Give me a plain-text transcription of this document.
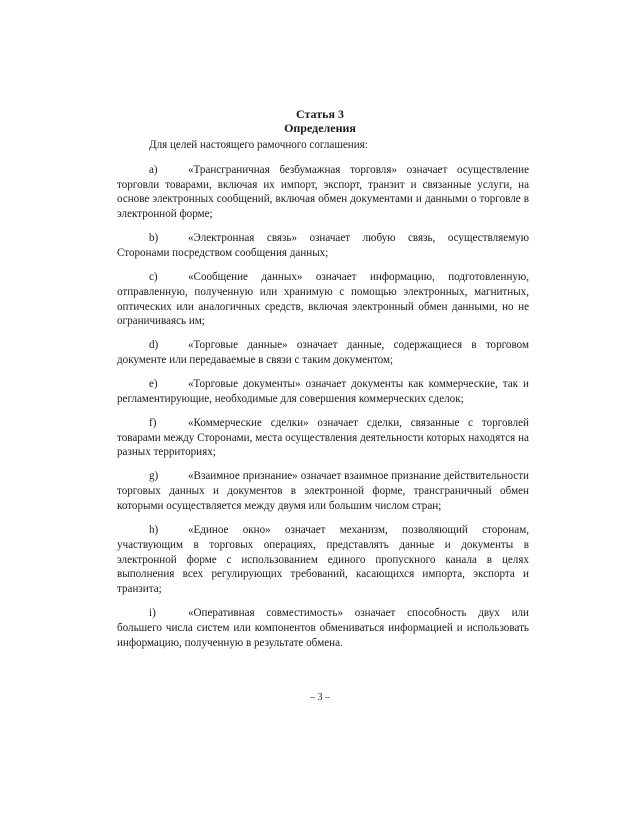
Статья 3
Определения

Для целей настоящего рамочного соглашения:

a)	«Трансграничная безбумажная торговля» означает осуществление торговли товарами, включая их импорт, экспорт, транзит и связанные услуги, на основе электронных сообщений, включая обмен документами и данными о торговле в электронной форме;

b)	«Электронная связь» означает любую связь, осуществляемую Сторонами посредством сообщения данных;

c)	«Сообщение данных» означает информацию, подготовленную, отправленную, полученную или хранимую с помощью электронных, магнитных, оптических или аналогичных средств, включая электронный обмен данными, но не ограничиваясь им;

d)	«Торговые данные» означает данные, содержащиеся в торговом документе или передаваемые в связи с таким документом;

e)	«Торговые документы» означает документы как коммерческие, так и регламентирующие, необходимые для совершения коммерческих сделок;

f)	«Коммерческие сделки» означает сделки, связанные с торговлей товарами между Сторонами, места осуществления деятельности которых находятся на разных территориях;

g)	«Взаимное признание» означает взаимное признание действительности торговых данных и документов в электронной форме, трансграничный обмен которыми осуществляется между двумя или большим числом стран;

h)	«Единое окно» означает механизм, позволяющий сторонам, участвующим в торговых операциях, представлять данные и документы в электронной форме с использованием единого пропускного канала в целях выполнения всех регулирующих требований, касающихся импорта, экспорта и транзита;

i)	«Оперативная совместимость» означает способность двух или большего числа систем или компонентов обмениваться информацией и использовать информацию, полученную в результате обмена.

– 3 –
